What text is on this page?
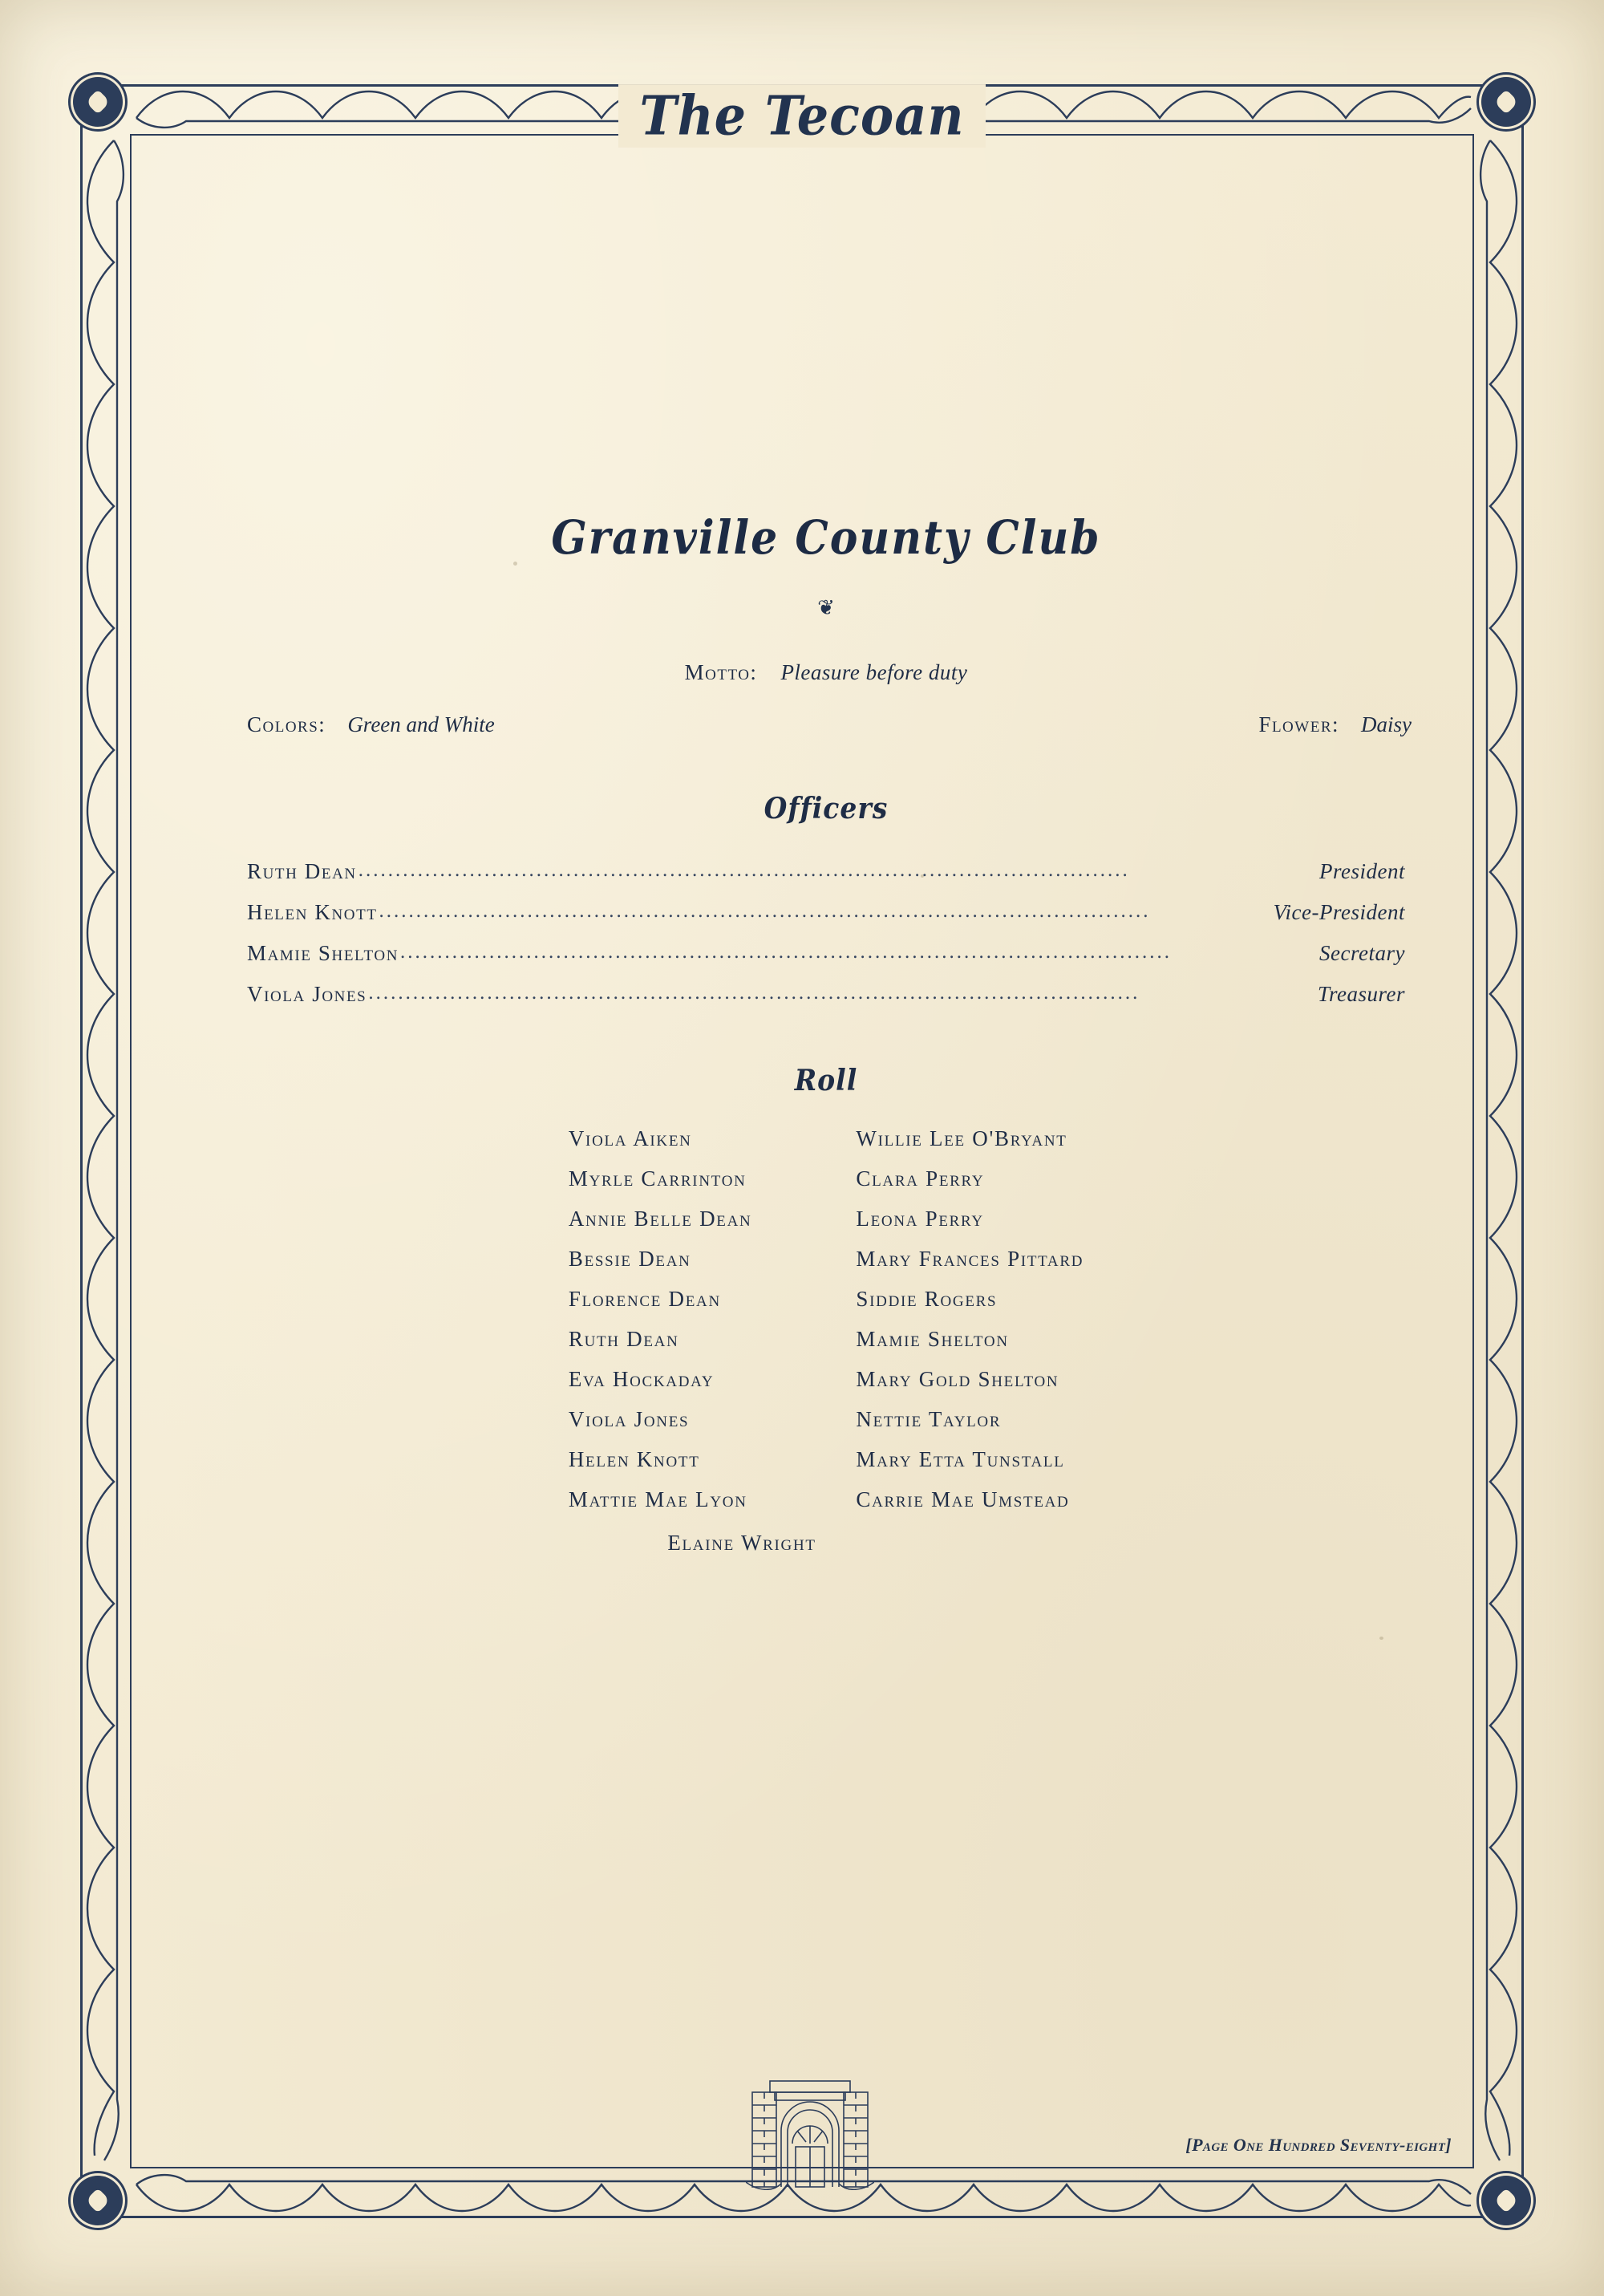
The Tecoan
Granville County Club
❦
Motto: Pleasure before duty
Colors: Green and White	Flower: Daisy
Officers
Ruth Dean ........................................................................................................	President
Helen Knott ........................................................................................................	Vice-President
Mamie Shelton ........................................................................................................	Secretary
Viola Jones ........................................................................................................	Treasurer
Roll
Viola Aiken
Myrle Carrinton
Annie Belle Dean
Bessie Dean
Florence Dean
Ruth Dean
Eva Hockaday
Viola Jones
Helen Knott
Mattie Mae Lyon
Willie Lee O'Bryant
Clara Perry
Leona Perry
Mary Frances Pittard
Siddie Rogers
Mamie Shelton
Mary Gold Shelton
Nettie Taylor
Mary Etta Tunstall
Carrie Mae Umstead
Elaine Wright
[Page One Hundred Seventy-eight]
